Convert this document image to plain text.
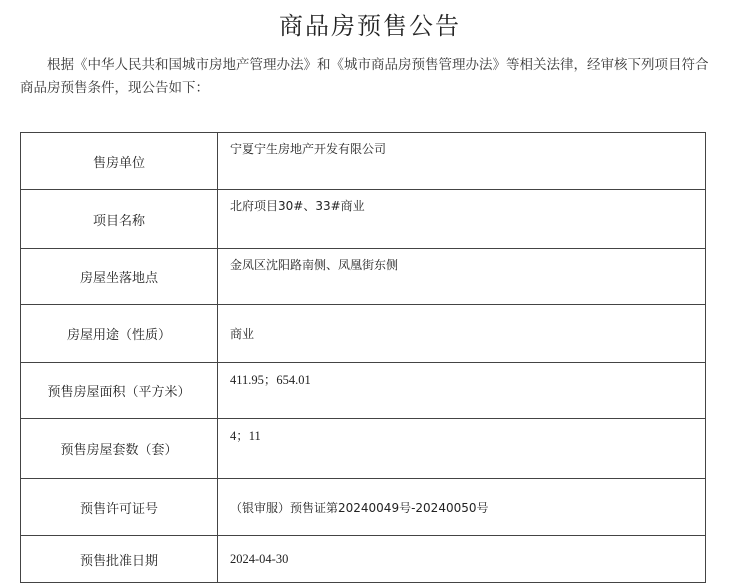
商品房预售公告
根据《中华人民共和国城市房地产管理办法》和《城市商品房预售管理办法》等相关法律，经审核下列项目符合商品房预售条件，现公告如下：
售房单位	宁夏宁生房地产开发有限公司
项目名称	北府项目30#、33#商业
房屋坐落地点	金凤区沈阳路南侧、凤凰街东侧
房屋用途（性质）	商业
预售房屋面积（平方米）	411.95；654.01
预售房屋套数（套）	4；11
预售许可证号	（银审服）预售证第20240049号-20240050号
预售批准日期	2024-04-30
